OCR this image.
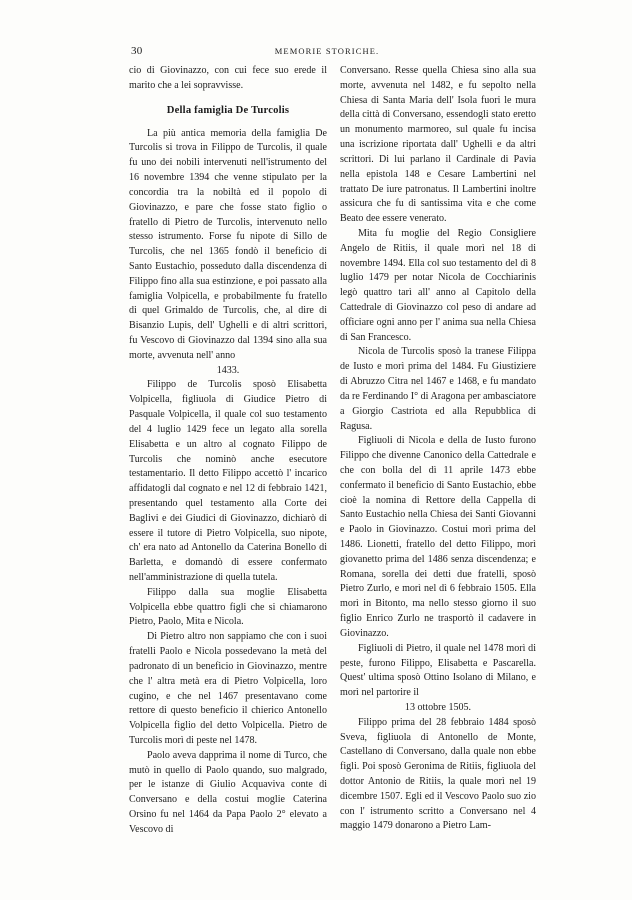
30	MEMORIE STORICHE.

cio di Giovinazzo, con cui fece suo erede il marito che a lei sopravvisse.

Della famiglia De Turcolis

La più antica memoria della famiglia De Turcolis si trova in Filippo de Turcolis, il quale fu uno dei nobili intervenuti nell'istrumento del 16 novembre 1394 che venne stipulato per la concordia tra la nobiltà ed il popolo di Giovinazzo, e pare che fosse stato figlio o fratello di Pietro de Turcolis, intervenuto nello stesso istrumento. Forse fu nipote di Sillo de Turcolis, che nel 1365 fondò il beneficio di Santo Eustachio, posseduto dalla discendenza di Filippo fino alla sua estinzione, e poi passato alla famiglia Volpicella, e probabilmente fu fratello di quel Grimaldo de Turcolis, che, al dire di Bisanzio Lupis, dell' Ughelli e di altri scrittori, fu Vescovo di Giovinazzo dal 1394 sino alla sua morte, avvenuta nell' anno

1433.

Filippo de Turcolis sposò Elisabetta Volpicella, figliuola di Giudice Pietro di Pasquale Volpicella, il quale col suo testamento del 4 luglio 1429 fece un legato alla sorella Elisabetta e un altro al cognato Filippo de Turcolis che nominò anche esecutore testamentario. Il detto Filippo accettò l' incarico affidatogli dal cognato e nel 12 di febbraio 1421, presentando quel testamento alla Corte dei Baglivi e dei Giudici di Giovinazzo, dichiarò di essere il tutore di Pietro Volpicella, suo nipote, ch' era nato ad Antonello da Caterina Bonello di Barletta, e domandò di essere confermato nell'amministrazione di quella tutela.

Filippo dalla sua moglie Elisabetta Volpicella ebbe quattro figli che si chiamarono Pietro, Paolo, Mita e Nicola.

Di Pietro altro non sappiamo che con i suoi fratelli Paolo e Nicola possedevano la metà del padronato di un beneficio in Giovinazzo, mentre che l' altra metà era di Pietro Volpicella, loro cugino, e che nel 1467 presentavano come rettore di questo beneficio il chierico Antonello Volpicella figlio del detto Volpicella. Pietro de Turcolis morì di peste nel 1478.

Paolo aveva dapprima il nome di Turco, che mutò in quello di Paolo quando, suo malgrado, per le istanze di Giulio Acquaviva conte di Conversano e della costui moglie Caterina Orsino fu nel 1464 da Papa Paolo 2° elevato a Vescovo di

Conversano. Resse quella Chiesa sino alla sua morte, avvenuta nel 1482, e fu sepolto nella Chiesa di Santa Maria dell' Isola fuori le mura della città di Conversano, essendogli stato eretto un monumento marmoreo, sul quale fu incisa una iscrizione riportata dall' Ughelli e da altri scrittori. Di lui parlano il Cardinale di Pavia nella epistola 148 e Cesare Lambertini nel trattato De iure patronatus. Il Lambertini inoltre assicura che fu di santissima vita e che come Beato dee essere venerato.

Mita fu moglie del Regio Consigliere Angelo de Ritiis, il quale morì nel 18 di novembre 1494. Ella col suo testamento del dì 8 luglio 1479 per notar Nicola de Cocchiarinis legò quattro tarì all' anno al Capitolo della Cattedrale di Giovinazzo col peso di andare ad officiare ogni anno per l' anima sua nella Chiesa di San Francesco.

Nicola de Turcolis sposò la tranese Filippa de Iusto e morì prima del 1484. Fu Giustiziere di Abruzzo Citra nel 1467 e 1468, e fu mandato da re Ferdinando I° di Aragona per ambasciatore a Giorgio Castriota ed alla Repubblica di Ragusa.

Figliuoli di Nicola e della de Iusto furono Filippo che divenne Canonico della Cattedrale e che con bolla del dì 11 aprile 1473 ebbe confermato il beneficio di Santo Eustachio, ebbe cioè la nomina di Rettore della Cappella di Santo Eustachio nella Chiesa dei Santi Giovanni e Paolo in Giovinazzo. Costui morì prima del 1486. Lionetti, fratello del detto Filippo, morì giovanetto prima del 1486 senza discendenza; e Romana, sorella dei detti due fratelli, sposò Pietro Zurlo, e morì nel dì 6 febbraio 1505. Ella morì in Bitonto, ma nello stesso giorno il suo figlio Enrico Zurlo ne trasportò il cadavere in Giovinazzo.

Figliuoli di Pietro, il quale nel 1478 morì di peste, furono Filippo, Elisabetta e Pascarella. Quest' ultima sposò Ottino Isolano di Milano, e morì nel partorire il

13 ottobre 1505.

Filippo prima del 28 febbraio 1484 sposò Sveva, figliuola di Antonello de Monte, Castellano di Conversano, dalla quale non ebbe figli. Poi sposò Geronima de Ritiis, figliuola del dottor Antonio de Ritiis, la quale morì nel 19 dicembre 1507. Egli ed il Vescovo Paolo suo zio con l' istrumento scritto a Conversano nel 4 maggio 1479 donarono a Pietro Lam-
